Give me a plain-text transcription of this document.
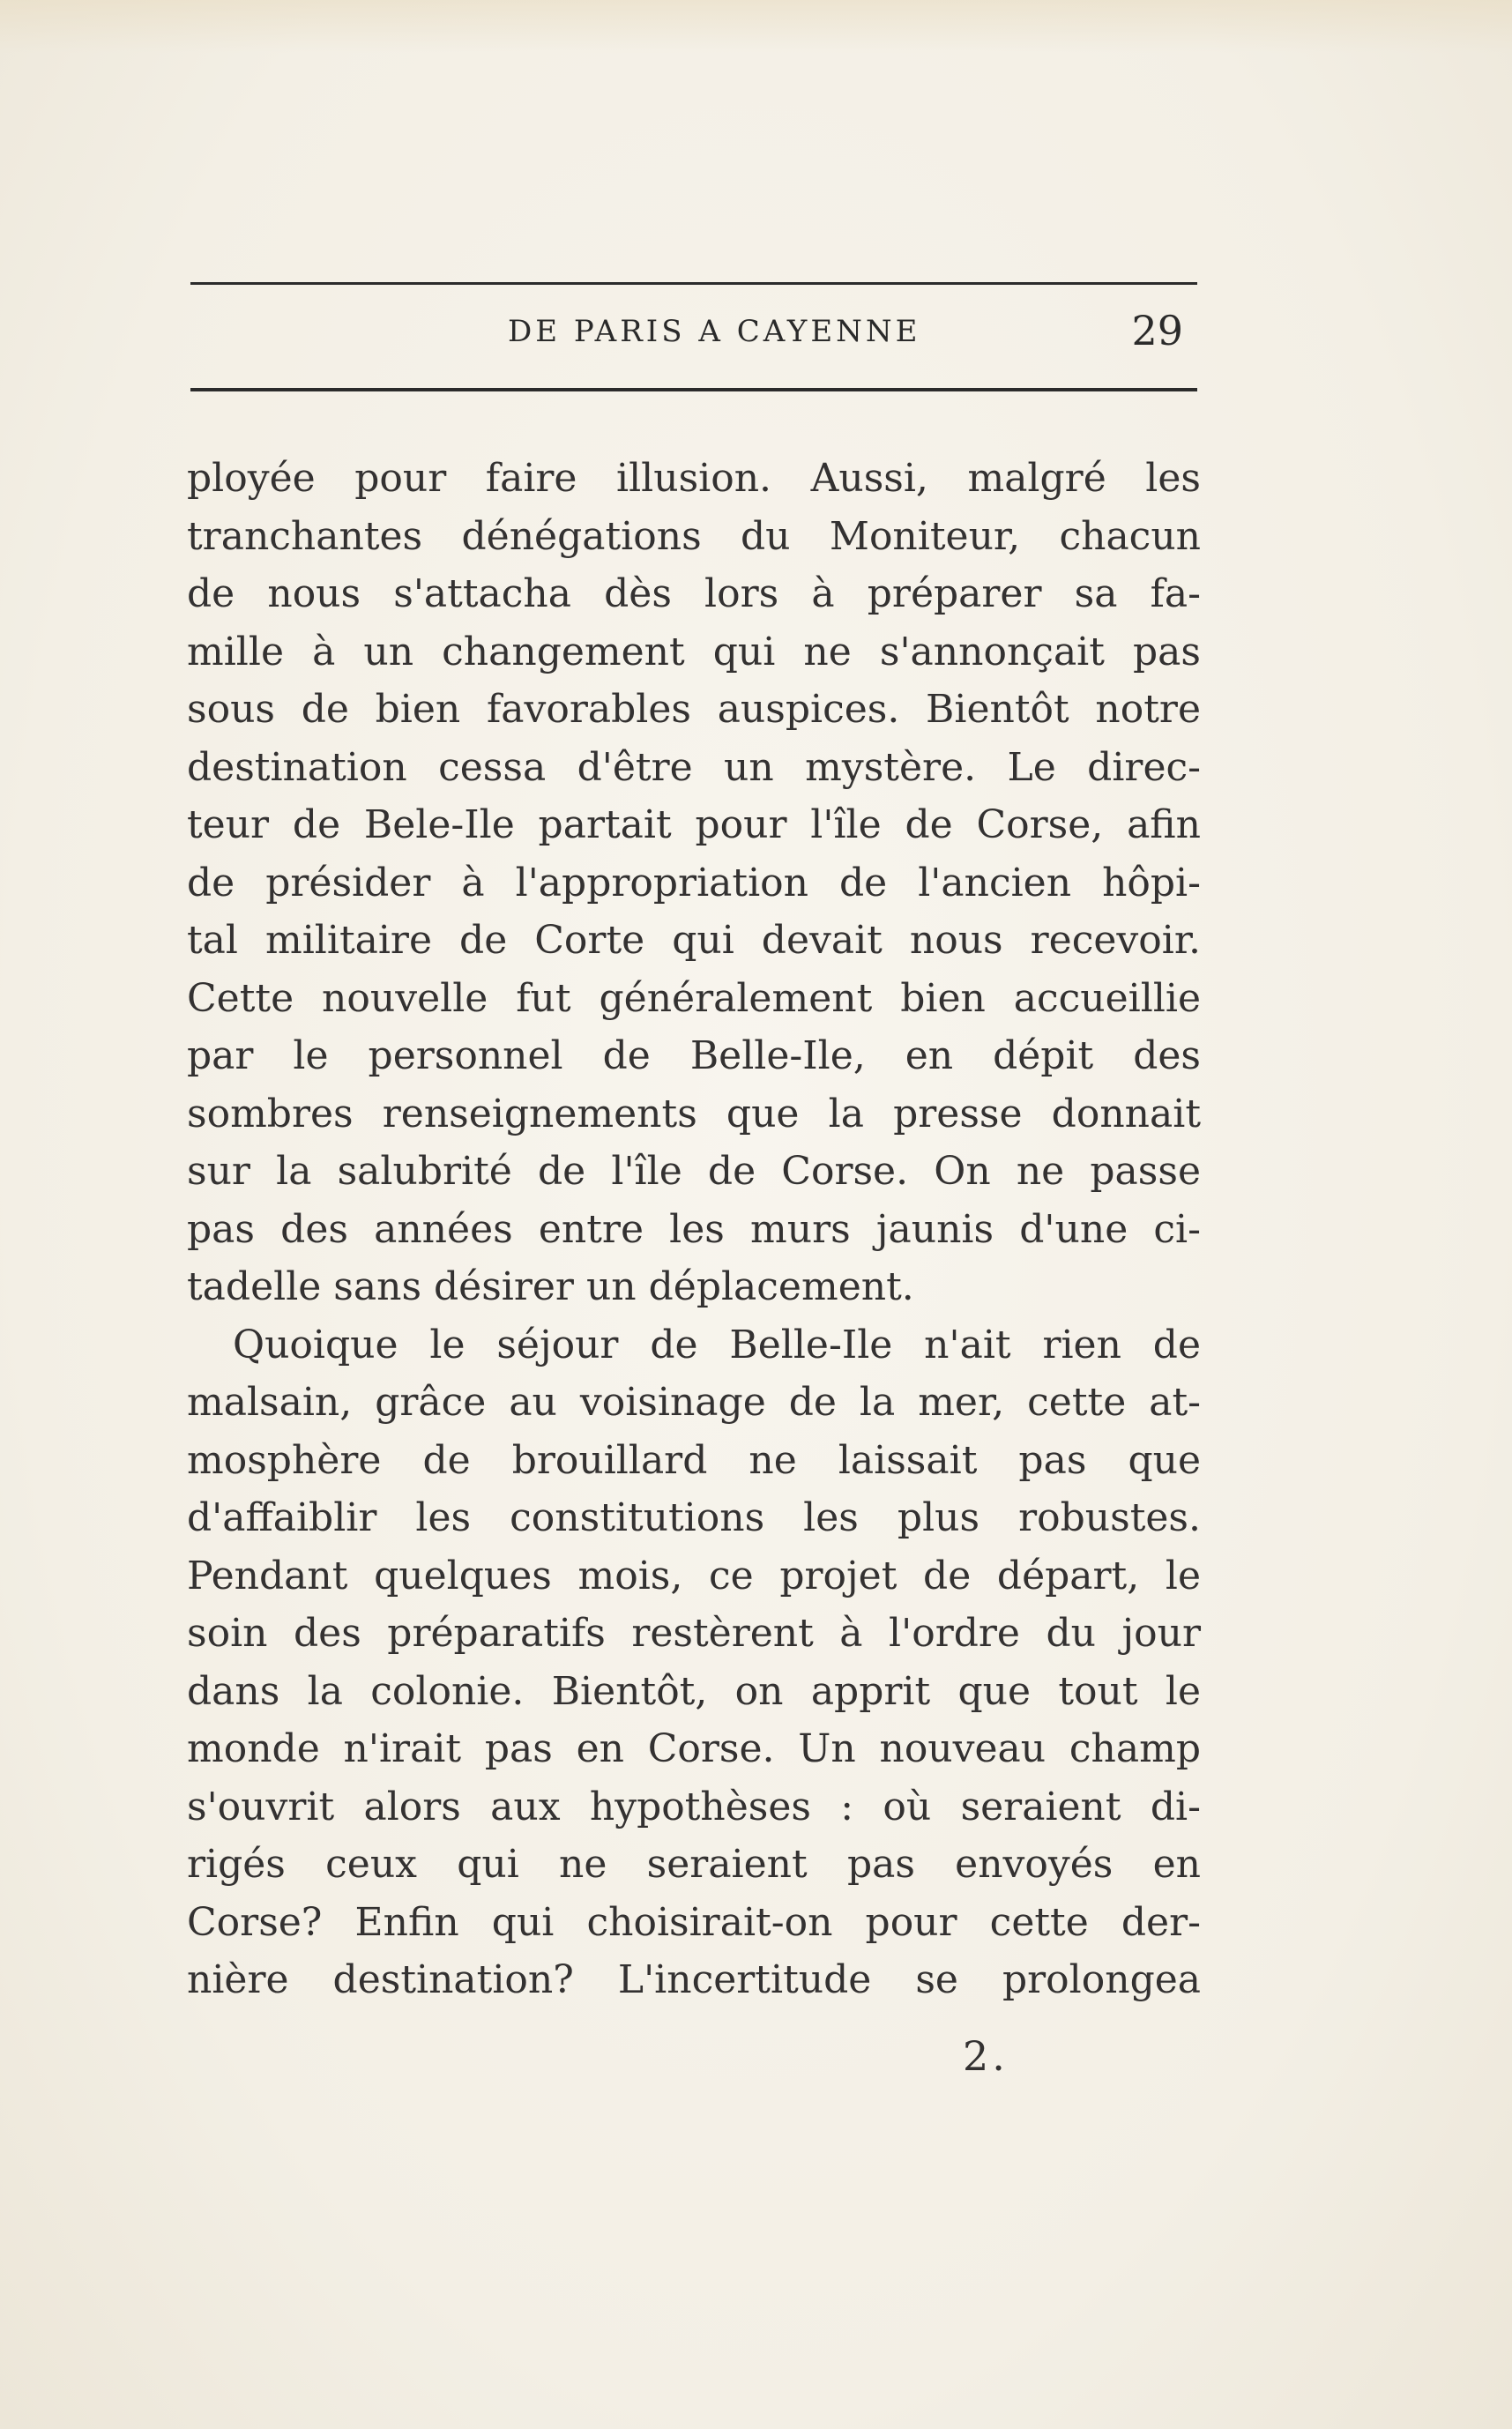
DE PARIS A CAYENNE	29
ployée pour faire illusion. Aussi, malgré les
tranchantes dénégations du Moniteur, chacun
de nous s'attacha dès lors à préparer sa fa-
mille à un changement qui ne s'annonçait pas
sous de bien favorables auspices. Bientôt notre
destination cessa d'être un mystère. Le direc-
teur de Bele-Ile partait pour l'île de Corse, afin
de présider à l'appropriation de l'ancien hôpi-
tal militaire de Corte qui devait nous recevoir.
Cette nouvelle fut généralement bien accueillie
par le personnel de Belle-Ile, en dépit des
sombres renseignements que la presse donnait
sur la salubrité de l'île de Corse. On ne passe
pas des années entre les murs jaunis d'une ci-
tadelle sans désirer un déplacement.
Quoique le séjour de Belle-Ile n'ait rien de
malsain, grâce au voisinage de la mer, cette at-
mosphère de brouillard ne laissait pas que
d'affaiblir les constitutions les plus robustes.
Pendant quelques mois, ce projet de départ, le
soin des préparatifs restèrent à l'ordre du jour
dans la colonie. Bientôt, on apprit que tout le
monde n'irait pas en Corse. Un nouveau champ
s'ouvrit alors aux hypothèses : où seraient di-
rigés ceux qui ne seraient pas envoyés en
Corse? Enfin qui choisirait-on pour cette der-
nière destination? L'incertitude se prolongea
2.
